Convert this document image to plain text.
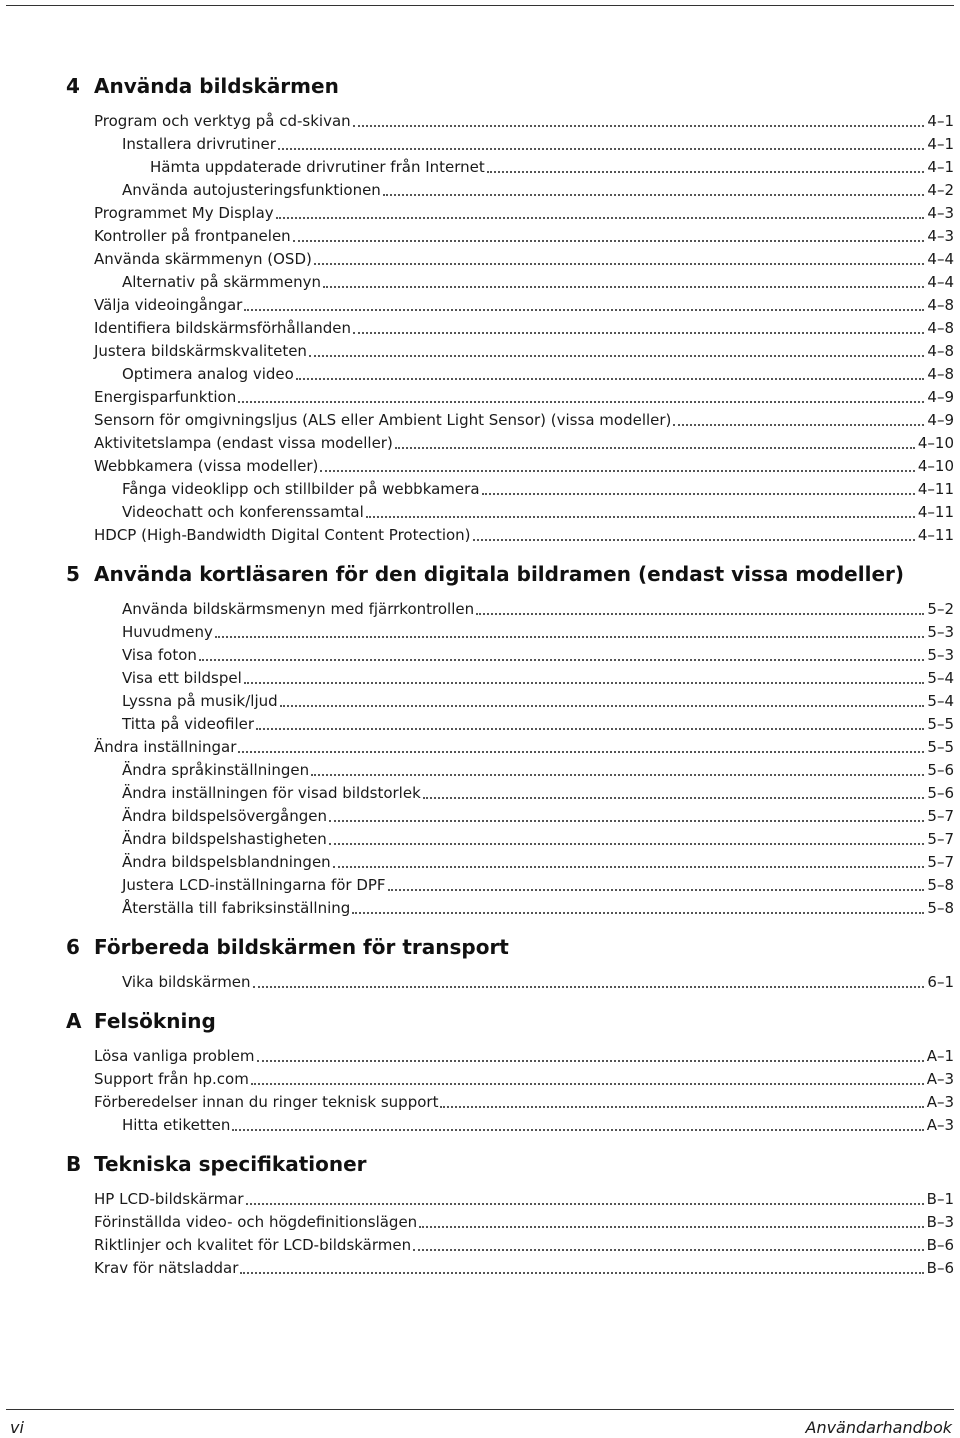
4 Använda bildskärmen
Program och verktyg på cd-skivan	4–1
Installera drivrutiner	4–1
Hämta uppdaterade drivrutiner från Internet	4–1
Använda autojusteringsfunktionen	4–2
Programmet My Display	4–3
Kontroller på frontpanelen	4–3
Använda skärmmenyn (OSD)	4–4
Alternativ på skärmmenyn	4–4
Välja videoingångar	4–8
Identifiera bildskärmsförhållanden	4–8
Justera bildskärmskvaliteten	4–8
Optimera analog video	4–8
Energisparfunktion	4–9
Sensorn för omgivningsljus (ALS eller Ambient Light Sensor) (vissa modeller)	4–9
Aktivitetslampa (endast vissa modeller)	4–10
Webbkamera (vissa modeller)	4–10
Fånga videoklipp och stillbilder på webbkamera	4–11
Videochatt och konferenssamtal	4–11
HDCP (High-Bandwidth Digital Content Protection)	4–11
5 Använda kortläsaren för den digitala bildramen (endast vissa modeller)
Använda bildskärmsmenyn med fjärrkontrollen	5–2
Huvudmeny	5–3
Visa foton	5–3
Visa ett bildspel	5–4
Lyssna på musik/ljud	5–4
Titta på videofiler	5–5
Ändra inställningar	5–5
Ändra språkinställningen	5–6
Ändra inställningen för visad bildstorlek	5–6
Ändra bildspelsövergången	5–7
Ändra bildspelshastigheten	5–7
Ändra bildspelsblandningen	5–7
Justera LCD-inställningarna för DPF	5–8
Återställa till fabriksinställning	5–8
6 Förbereda bildskärmen för transport
Vika bildskärmen	6–1
A Felsökning
Lösa vanliga problem	A–1
Support från hp.com	A–3
Förberedelser innan du ringer teknisk support	A–3
Hitta etiketten	A–3
B Tekniska specifikationer
HP LCD-bildskärmar	B–1
Förinställda video- och högdefinitionslägen	B–3
Riktlinjer och kvalitet för LCD-bildskärmen	B–6
Krav för nätsladdar	B–6
vi	Användarhandbok
